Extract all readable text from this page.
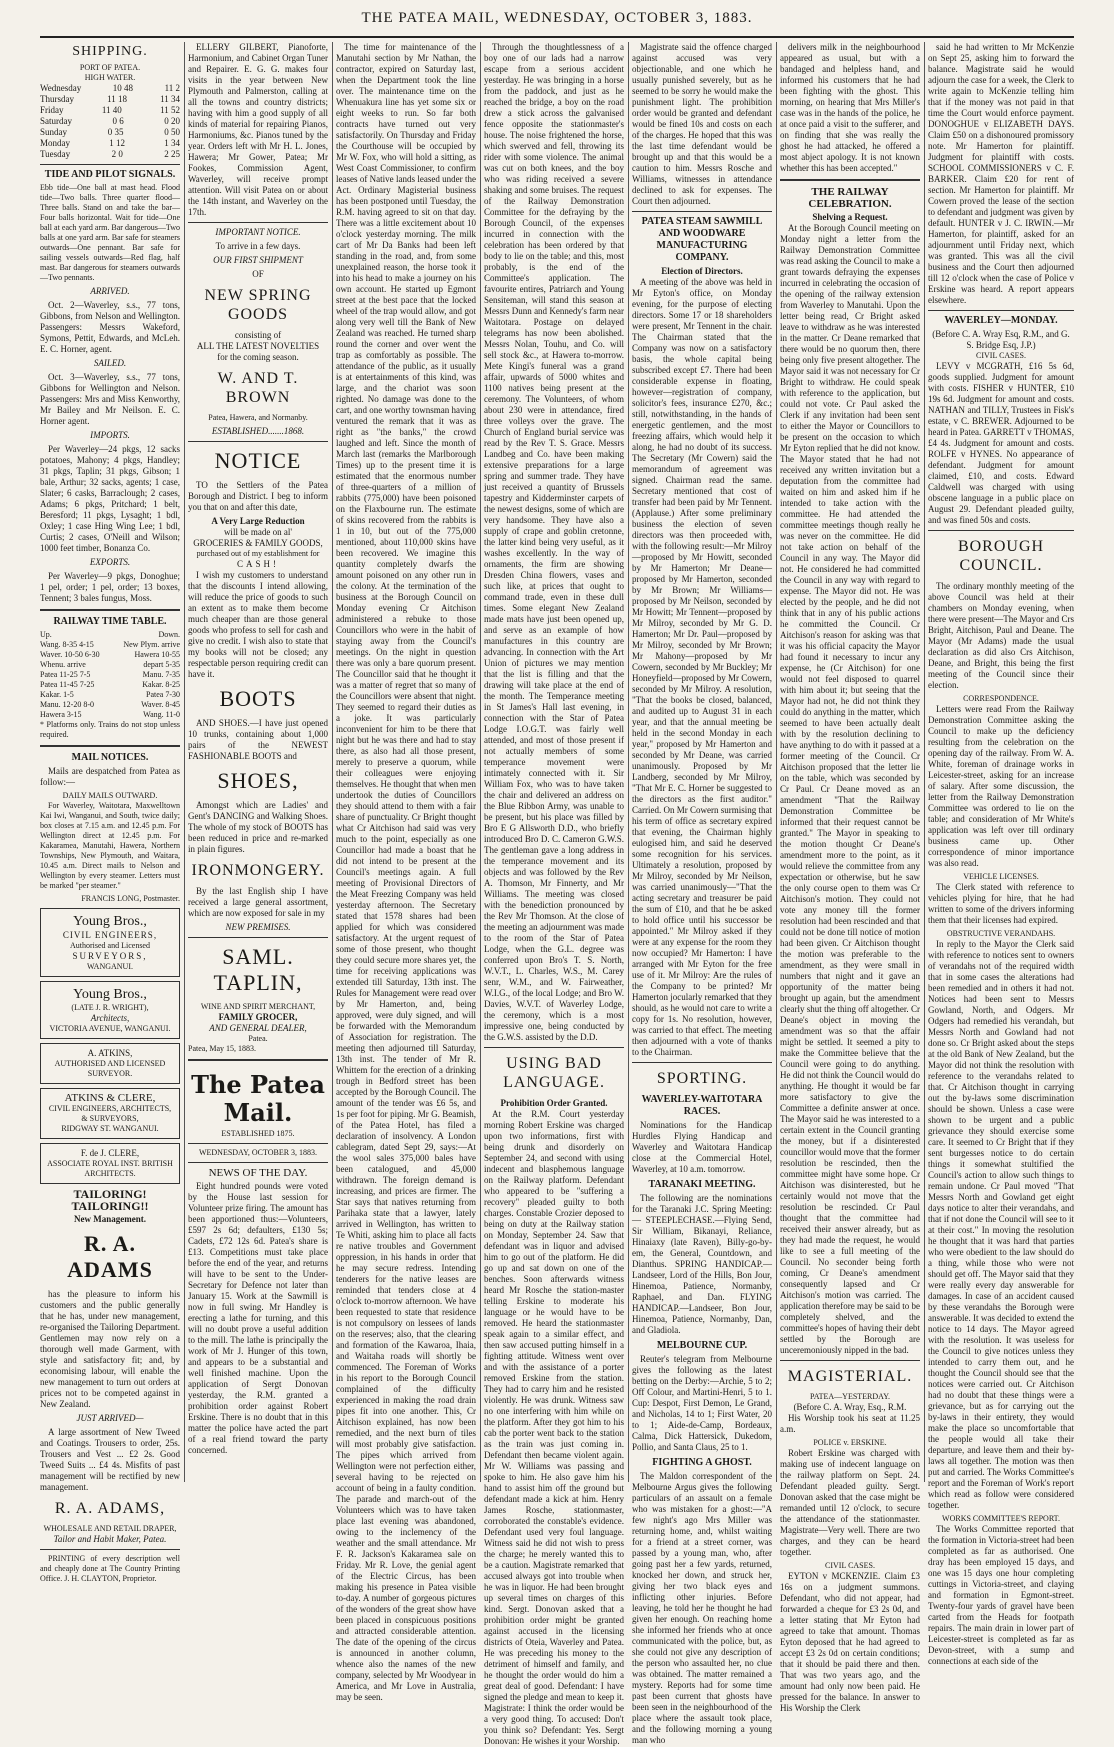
THE PATEA MAIL, WEDNESDAY, OCTOBER 3, 1883.
SHIPPING.
PORT OF PATEA.
HIGH WATER.
Wednesday	10 48	11 2
Thursday	11 18	11 34
Friday	11 40	11 52
Saturday	0 6	0 20
Sunday	0 35	0 50
Monday	1 12	1 34
Tuesday	2 0	2 25
TIDE AND PILOT SIGNALS.
Ebb tide—One ball at mast head. Flood tide—Two balls. Three quarter flood—Three balls. Stand on and take the bar—Four balls horizontal. Wait for tide—One ball at each yard arm. Bar dangerous—Two balls at one yard arm. Bar safe for steamers outwards—One pennant. Bar safe for sailing vessels outwards—Red flag, half mast. Bar dangerous for steamers outwards—Two pennants.
ARRIVED.

Oct. 2—Waverley, s.s., 77 tons, Gibbons, from Nelson and Wellington. Passengers: Messrs Wakeford, Symons, Pettit, Edwards, and McLeh. E. C. Horner, agent.

SAILED.

Oct. 3—Waverley, s.s., 77 tons, Gibbons for Wellington and Nelson. Passengers: Mrs and Miss Kenworthy, Mr Bailey and Mr Neilson. E. C. Horner agent.

IMPORTS.

Per Waverley—24 pkgs, 12 sacks potatoes, Mahony; 4 pkgs, Handley; 31 pkgs, Taplin; 31 pkgs, Gibson; 1 bale, Arthur; 32 sacks, agents; 1 case, Slater; 6 casks, Barraclough; 2 cases, Adams; 6 pkgs, Pritchard; 1 belt, Beresford; 11 pkgs, Lysaght; 1 bdl, Oxley; 1 case Hing Wing Lee; 1 bdl, Curtis; 2 cases, O'Neill and Wilson; 1000 feet timber, Bonanza Co.

EXPORTS.

Per Waverley—9 pkgs, Donoghue; 1 pel, order; 1 pel, order; 13 boxes, Tennent; 3 bales fungus, Moss.

RAILWAY TIME TABLE.
Up.	Down.
Wang. 8-35 4-15	New Plym. arrive
Waver. 10-50 6-30	Hawera 10-55
Whenu. arrive	depart 5-35
Patea 11-25 7-5	Manu. 7-35
Patea 11-45 7-25	Kakar. 8-25
Kakar. 1-5	Patea 7-30
Manu. 12-20 8-0	Waver. 8-45
Hawera 3-15	Wang. 11-0
* Platforms only. Trains do not stop unless required.
MAIL NOTICES.

Mails are despatched from Patea as follow:—

DAILY MAILS OUTWARD.

For Waverley, Waitotara, Maxwelltown Kai Iwi, Wanganui, and South, twice daily; box closes at 7.15 a.m. and 12.45 p.m. For Wellington direct at 12.45 p.m. For Kakaramea, Manutahi, Hawera, Northern Townships, New Plymouth, and Waitara, 10.45 a.m. Direct mails to Nelson and Wellington by every steamer. Letters must be marked "per steamer."

FRANCIS LONG, Postmaster.
Young Bros.,
CIVIL ENGINEERS,
Authorised and Licensed
SURVEYORS,
WANGANUI.
Young Bros.,
(LATE J. R. WRIGHT),
Architects,
VICTORIA AVENUE, WANGANUI.
A. ATKINS,
AUTHORISED AND LICENSED SURVEYOR.
ATKINS & CLERE,
CIVIL ENGINEERS, ARCHITECTS, & SURVEYORS,
RIDGWAY ST. WANGANUI.
F. de J. CLERE,
ASSOCIATE ROYAL INST. BRITISH ARCHITECTS.
TAILORING! TAILORING!!
New Management.
R. A. ADAMS

has the pleasure to inform his customers and the public generally that he has, under new management, re-organised the Tailoring Department. Gentlemen may now rely on a thorough well made Garment, with style and satisfactory fit; and, by economising labour, will enable the new management to turn out orders at prices not to be competed against in New Zealand.

JUST ARRIVED—

A large assortment of New Tweed and Coatings. Trousers to order, 25s. Trousers and Vest ... £2 2s. Good Tweed Suits ... £4 4s. Misfits of past management will be rectified by new management.

R. A. ADAMS,
WHOLESALE AND RETAIL DRAPER,
Tailor and Habit Maker, Patea.

PRINTING of every description well and cheaply done at The Country Printing Office. J. H. CLAYTON, Proprietor.

ELLERY GILBERT, Pianoforte, Harmonium, and Cabinet Organ Tuner and Repairer. E. G. G. makes four visits in the year between New Plymouth and Palmerston, calling at all the towns and country districts; having with him a good supply of all kinds of material for repairing Pianos, Harmoniums, &c. Pianos tuned by the year. Orders left with Mr H. L. Jones, Hawera; Mr Gower, Patea; Mr Fookes, Commission Agent, Waverley, will receive prompt attention. Will visit Patea on or about the 14th instant, and Waverley on the 17th.

IMPORTANT NOTICE.
To arrive in a few days.
OUR FIRST SHIPMENT
OF
NEW SPRING GOODS
consisting of
ALL THE LATEST NOVELTIES
for the coming season.
W. AND T. BROWN
Patea, Hawera, and Normanby.
ESTABLISHED.......1868.
NOTICE

TO the Settlers of the Patea Borough and District. I beg to inform you that on and after this date,

A Very Large Reduction
will be made on al'
GROCERIES & FAMILY GOODS,
purchased out of my establishment for
CASH!

I wish my customers to understand that the discounts I intend allowing, will reduce the price of goods to such an extent as to make them become much cheaper than are those general goods who profess to sell for cash and give no credit. I wish also to state that my books will not be closed; any respectable person requiring credit can have it.

BOOTS

AND SHOES.—I have just opened 10 trunks, containing about 1,000 pairs of the NEWEST FASHIONABLE BOOTS and

SHOES,

Amongst which are Ladies' and Gent's DANCING and Walking Shoes. The whole of my stock of BOOTS has been reduced in price and re-marked in plain figures.

IRONMONGERY.

By the last English ship I have received a large general assortment, which are now exposed for sale in my

NEW PREMISES.
SAML. TAPLIN,
WINE AND SPIRIT MERCHANT,
FAMILY GROCER,
AND GENERAL DEALER,
Patea.
Patea, May 15, 1883.
The Patea Mail.
ESTABLISHED 1875.
WEDNESDAY, OCTOBER 3, 1883.
NEWS OF THE DAY.

Eight hundred pounds were voted by the House last session for Volunteer prize firing. The amount has been apportioned thus:—Volunteers, £597 2s 6d; defaulters, £130 5s; Cadets, £72 12s 6d. Patea's share is £13. Competitions must take place before the end of the year, and returns will have to be sent to the Under-Secretary for Defence not later than January 15. Work at the Sawmill is now in full swing. Mr Handley is erecting a lathe for turning, and this will no doubt prove a useful addition to the mill. The lathe is principally the work of Mr J. Hunger of this town, and appears to be a substantial and well finished machine. Upon the application of Sergt Donovan yesterday, the R.M. granted a prohibition order against Robert Erskine. There is no doubt that in this matter the police have acted the part of a real friend toward the party concerned.

The time for maintenance of the Manutahi section by Mr Nathan, the contractor, expired on Saturday last, when the Department took the line over. The maintenance time on the Whenuakura line has yet some six or eight weeks to run. So far both contracts have turned out very satisfactorily. On Thursday and Friday the Courthouse will be occupied by Mr W. Fox, who will hold a sitting, as West Coast Commissioner, to confirm leases of Native lands leased under the Act. Ordinary Magisterial business has been postponed until Tuesday, the R.M. having agreed to sit on that day. There was a little excitement about 10 o'clock yesterday morning. The milk cart of Mr Da Banks had been left standing in the road, and, from some unexplained reason, the horse took it into his head to make a journey on his own account. He started up Egmont street at the best pace that the locked wheel of the trap would allow, and got along very well till the Bank of New Zealand was reached. He turned sharp round the corner and over went the trap as comfortably as possible. The attendance of the public, as it usually is at entertainments of this kind, was large, and the chariot was soon righted. No damage was done to the cart, and one worthy townsman having ventured the remark that it was as right as "the banks," the crowd laughed and left. Since the month of March last (remarks the Marlborough Times) up to the present time it is estimated that the enormous number of three-quarters of a million of rabbits (775,000) have been poisoned on the Flaxbourne run. The estimate of skins recovered from the rabbits is 1 in 10, but out of the 775,000 mentioned, about 110,000 skins have been recovered. We imagine this quantity completely dwarfs the amount poisoned on any other run in the colony. At the termination of the business at the Borough Council on Monday evening Cr Aitchison administered a rebuke to those Councillors who were in the habit of staying away from the Council's meetings. On the night in question there was only a bare quorum present. The Councillor said that he thought it was a matter of regret that so many of the Councillors were absent that night. They seemed to regard their duties as a joke. It was particularly inconvenient for him to be there that night but he was there and had to stay there, as also had all those present, merely to preserve a quorum, while their colleagues were enjoying themselves. He thought that when men undertook the duties of Councillors they should attend to them with a fair share of punctuality. Cr Bright thought what Cr Aitchison had said was very much to the point, especially as one Councillor had made a boast that he did not intend to be present at the Council's meetings again. A full meeting of Provisional Directors of the Meat Freezing Company was held yesterday afternoon. The Secretary stated that 1578 shares had been applied for which was considered satisfactory. At the urgent request of some of those present, who thought they could secure more shares yet, the time for receiving applications was extended till Saturday, 13th inst. The Rules for Management were read over by Mr Hamerton, and, being approved, were duly signed, and will be forwarded with the Memorandum of Association for registration. The meeting then adjourned till Saturday, 13th inst. The tender of Mr R. Whittem for the erection of a drinking trough in Bedford street has been accepted by the Borough Council. The amount of the tender was £6 5s, and 1s per foot for piping. Mr G. Beamish, of the Patea Hotel, has filed a declaration of insolvency. A London cablegram, dated Sept 29, says:—At the wool sales 375,000 bales have been catalogued, and 45,000 withdrawn. The foreign demand is increasing, and prices are firmer. The Star says that natives returning from Parihaka state that a lawyer, lately arrived in Wellington, has written to Te Whiti, asking him to place all facts re native troubles and Government oppression, in his hands in order that he may secure redress. Intending tenderers for the native leases are reminded that tenders close at 4 o'clock to-morrow afternoon. We have been requested to state that residence is not compulsory on lessees of lands on the reserves; also, that the clearing and formation of the Kawaroa, Ihaia, and Waitaha roads will shortly be commenced. The Foreman of Works in his report to the Borough Council complained of the difficulty experienced in making the road drain pipes fit into one another. This, Cr Aitchison explained, has now been remedied, and the next burn of tiles will most probably give satisfaction. The pipes which arrived from Wellington were not perfection either, several having to be rejected on account of being in a faulty condition. The parade and march-out of the Volunteers which was to have taken place last evening was abandoned, owing to the inclemency of the weather and the small attendance. Mr F. R. Jackson's Kakaramea sale on Friday. Mr R. Love, the genial agent of the Electric Circus, has been making his presence in Patea visible to-day. A number of gorgeous pictures of the wonders of the great show have been placed in conspicuous positions and attracted considerable attention. The date of the opening of the circus is announced in another column, whence also the names of the new company, selected by Mr Woodyear in America, and Mr Love in Australia, may be seen.

Through the thoughtlessness of a boy one of our lads had a narrow escape from a serious accident yesterday. He was bringing in a horse from the paddock, and just as he reached the bridge, a boy on the road drew a stick across the galvanised fence opposite the stationmaster's house. The noise frightened the horse, which swerved and fell, throwing its rider with some violence. The animal was cut on both knees, and the boy who was riding received a severe shaking and some bruises. The request of the Railway Demonstration Committee for the defraying by the Borough Council, of the expenses incurred in connection with the celebration has been ordered by that body to lie on the table; and this, most probably, is the end of the Committee's application. The favourite entires, Patriarch and Young Sensiteman, will stand this season at Messrs Dunn and Kennedy's farm near Waitotara. Postage on delayed telegrams has now been abolished. Messrs Nolan, Touhu, and Co. will sell stock &c., at Hawera to-morrow. Mete Kingi's funeral was a grand affair, upwards of 5000 whites and 1100 natives being present at the ceremony. The Volunteers, of whom about 230 were in attendance, fired three volleys over the grave. The Church of England burial service was read by the Rev T. S. Grace. Messrs Landbeg and Co. have been making extensive preparations for a large spring and summer trade. They have just received a quantity of Brussels tapestry and Kidderminster carpets of the newest designs, some of which are very handsome. They have also a supply of crape and goblin cretonne, the latter kind being very useful, as it washes excellently. In the way of ornaments, the firm are showing Dresden China flowers, vases and such like, at prices that ought to command trade, even in these dull times. Some elegant New Zealand made mats have just been opened up, and serve as an example of how manufactures in this country are advancing. In connection with the Art Union of pictures we may mention that the list is filling and that the drawing will take place at the end of the month. The Temperance meeting in St James's Hall last evening, in connection with the Star of Patea Lodge I.O.G.T. was fairly well attended, and most of those present if not actually members of some temperance movement were intimately connected with it. Sir William Fox, who was to have taken the chair and delivered an address on the Blue Ribbon Army, was unable to be present, but his place was filled by Bro E G Allsworth D.D., who briefly introduced Bro D. C. Cameron G.W.S. The gentleman gave a long address in the temperance movement and its objects and was followed by the Rev A. Thomson, Mr Finnerty, and Mr Williams. The meeting was closed with the benediction pronounced by the Rev Mr Thomson. At the close of the meeting an adjournment was made to the room of the Star of Patea Lodge, when the G.L. degree was conferred upon Bro's T. S. North, W.V.T., L. Charles, W.S., M. Carey senr, W.M., and W. Fairweather, W.I.G., of the local Lodge; and Bro W. Davies, W.V.T. of Waverley Lodge, the ceremony, which is a most impressive one, being conducted by the G.W.S. assisted by the D.D.

USING BAD LANGUAGE.
Prohibition Order Granted.

At the R.M. Court yesterday morning Robert Erskine was charged upon two informations, first with being drunk and disorderly on September 24, and second with using indecent and blasphemous language on the Railway platform. Defendant who appeared to be "suffering a recovery" pleaded guilty to both charges. Constable Crozier deposed to being on duty at the Railway station on Monday, September 24. Saw that defendant was in liquor and advised him to go out of the platform. He did go up and sat down on one of the benches. Soon afterwards witness heard Mr Rosche the station-master telling Erskine to moderate his language or he would have to be removed. He heard the stationmaster speak again to a similar effect, and then saw accused putting himself in a fighting attitude. Witness went over and with the assistance of a porter removed Erskine from the station. They had to carry him and he resisted violently. He was drunk. Witness saw no one interfering with him while on the platform. After they got him to his cab the porter went back to the station as the train was just coming in. Defendant then became violent again. Mr W. Williams was passing and spoke to him. He also gave him his hand to assist him off the ground but defendant made a kick at him. Henry James Rosche, stationmaster, corroborated the constable's evidence. Defendant used very foul language. Witness said he did not wish to press the charge; he merely wanted this to be a caution. Magistrate remarked that accused always got into trouble when he was in liquor. He had been brought up several times on charges of this kind. Sergt. Donovan asked that a prohibition order might be granted against accused in the licensing districts of Oteia, Waverley and Patea. He was preceding his money to the detriment of himself and family, and he thought the order would do him a great deal of good. Defendant: I have signed the pledge and mean to keep it. Magistrate: I think the order would be a very good thing. To accused: Don't you think so? Defendant: Yes. Sergt Donovan: He wishes it your Worship.

Magistrate said the offence charged against accused was very objectionable, and one which he usually punished severely, but as he seemed to be sorry he would make the punishment light. The prohibition order would be granted and defendant would be fined 10s and costs on each of the charges. He hoped that this was the last time defendant would be brought up and that this would be a caution to him. Messrs Rosche and Williams, witnesses in attendance declined to ask for expenses. The Court then adjourned.

PATEA STEAM SAWMILL AND WOODWARE MANUFACTURING COMPANY.
Election of Directors.

A meeting of the above was held in Mr Eyton's office, on Monday evening, for the purpose of electing directors. Some 17 or 18 shareholders were present, Mr Tennent in the chair. The Chairman stated that the Company was now on a satisfactory basis, the whole capital being subscribed except £7. There had been considerable expense in floating, however—registration of company, solicitor's fees, insurance £270, &c.; still, notwithstanding, in the hands of energetic gentlemen, and the most freezing affairs, which would help it along, he had no doubt of its success. The Secretary (Mr Cowern) said the memorandum of agreement was signed. Chairman read the same. Secretary mentioned that cost of transfer had been paid by Mr Tennent. (Applause.) After some preliminary business the election of seven directors was then proceeded with, with the following result:—Mr Milroy—proposed by Mr Howitt, seconded by Mr Hamerton; Mr Deane—proposed by Mr Hamerton, seconded by Mr Brown; Mr Williams—proposed by Mr Neilson, seconded by Mr Howitt; Mr Tennent—proposed by Mr Milroy, seconded by Mr G. D. Hamerton; Mr Dr. Paul—proposed by Mr Milroy, seconded by Mr Brown; Mr Mahony—proposed by Mr Cowern, seconded by Mr Buckley; Mr Honeyfield—proposed by Mr Cowern, seconded by Mr Milroy. A resolution, "That the books be closed, balanced, and audited up to August 31 in each year, and that the annual meeting be held in the second Monday in each year," proposed by Mr Hamerton and seconded by Mr Deane, was carried unanimously. Proposed by Mr Landberg, seconded by Mr Milroy, "That Mr E. C. Horner be suggested to the directors as the first auditor." Carried. On Mr Cowern surmising that his term of office as secretary expired that evening, the Chairman highly eulogised him, and said he deserved some recognition for his services. Ultimately a resolution, proposed by Mr Milroy, seconded by Mr Neilson, was carried unanimously—"That the acting secretary and treasurer be paid the sum of £10, and that he be asked to hold office until his successor be appointed." Mr Milroy asked if they were at any expense for the room they now occupied? Mr Hamerton: I have arranged with Mr Eyton for the free use of it. Mr Milroy: Are the rules of the Company to be printed? Mr Hamerton jocularly remarked that they should, as he would not care to write a copy for 1s. No resolution, however, was carried to that effect. The meeting then adjourned with a vote of thanks to the Chairman.

SPORTING.
WAVERLEY-WAITOTARA RACES.

Nominations for the Handicap Hurdles Flying Handicap and Waverley and Waitotara Handicap close at the Commercial Hotel, Waverley, at 10 a.m. tomorrow.

TARANAKI MEETING.

The following are the nominations for the Taranaki J.C. Spring Meeting:— STEEPLECHASE.—Flying Send, Sir William, Bikanayi, Reliance, Hinaiaxy (late Raven), Billy-go-by-em, the General, Countdown, and Dianthus. SPRING HANDICAP.—Landseer, Lord of the Hills, Bon Jour, Hinemoa, Patience, Normanby, Raphael, and Dan. FLYING HANDICAP.—Landseer, Bon Jour, Hinemoa, Patience, Normanby, Dan, and Gladiola.

MELBOURNE CUP.

Reuter's telegram from Melbourne gives the following as the latest betting on the Derby:—Archie, 5 to 2; Off Colour, and Martini-Henri, 5 to 1. Cup: Despot, First Demon, Le Grand, and Nicholas, 14 to 1; First Water, 20 to 1; Aide-de-Camp, Bordeaux, Calma, Dick Hattersick, Dukedom, Pollio, and Santa Claus, 25 to 1.

FIGHTING A GHOST.

The Maldon correspondent of the Melbourne Argus gives the following particulars of an assault on a female who was mistaken for a ghost:—"A few night's ago Mrs Miller was returning home, and, whilst waiting for a friend at a street corner, was passed by a young man, who, after going past her a few yards, returned, knocked her down, and struck her, giving her two black eyes and inflicting other injuries. Before leaving, he told her he thought he had given her enough. On reaching home she informed her friends who at once communicated with the police, but, as she could not give any description of the person who assaulted her, no clue was obtained. The matter remained a mystery. Reports had for some time past been current that ghosts have been seen in the neighbourhood of the place where the assault took place, and the following morning a young man who

delivers milk in the neighbourhood appeared as usual, but with a bandaged and helpless hand, and informed his customers that he had been fighting with the ghost. This morning, on hearing that Mrs Miller's case was in the hands of the police, he at once paid a visit to the sufferer, and on finding that she was really the ghost he had attacked, he offered a most abject apology. It is not known whether this has been accepted."

THE RAILWAY CELEBRATION.
Shelving a Request.

At the Borough Council meeting on Monday night a letter from the Railway Demonstration Committee was read asking the Council to make a grant towards defraying the expenses incurred in celebrating the occasion of the opening of the railway extension from Waverley to Manutahi. Upon the letter being read, Cr Bright asked leave to withdraw as he was interested in the matter. Cr Deane remarked that there would be no quorum then, there being only five present altogether. The Mayor said it was not necessary for Cr Bright to withdraw. He could speak with reference to the application, but could not vote. Cr Paul asked the Clerk if any invitation had been sent to either the Mayor or Councillors to be present on the occasion to which Mr Eyton replied that he did not know. The Mayor stated that he had not received any written invitation but a deputation from the committee had waited on him and asked him if he intended to take action with the committee. He had attended the committee meetings though really he was never on the committee. He did not take action on behalf of the Council in any way. The Mayor did not. He considered he had committed the Council in any way with regard to expense. The Mayor did not. He was elected by the people, and he did not think that in any of his public actions he committed the Council. Cr Aitchison's reason for asking was that it was his official capacity the Mayor had found it necessary to incur any expense, he (Cr Aitchison) for one would not feel disposed to quarrel with him about it; but seeing that the Mayor had not, he did not think they could do anything in the matter, which seemed to have been actually dealt with by the resolution declining to have anything to do with it passed at a former meeting of the Council. Cr Aitchison proposed that the letter lie on the table, which was seconded by Cr Paul. Cr Deane moved as an amendment "That the Railway Demonstration Committee be informed that their request cannot be granted." The Mayor in speaking to the motion thought Cr Deane's amendment more to the point, as it would relieve the committee from any expectation or otherwise, but he saw the only course open to them was Cr Aitchison's motion. They could not vote any money till the former resolution had been rescinded and that could not be done till notice of motion had been given. Cr Aitchison thought the motion was preferable to the amendment, as they were small in numbers that night and it gave an opportunity of the matter being brought up again, but the amendment clearly shut the thing off altogether. Cr Deane's object in moving the amendment was so that the affair might be settled. It seemed a pity to make the Committee believe that the Council were going to do anything. He did not think the Council would do anything. He thought it would be far more satisfactory to give the Committee a definite answer at once. The Mayor said he was interested to a certain extent in the Council granting the money, but if a disinterested councillor would move that the former resolution be rescinded, then the committee might have some hope. Cr Aitchison was disinterested, but he certainly would not move that the resolution be rescinded. Cr Paul thought that the committee had received their answer already, but as they had made the request, he would like to see a full meeting of the Council. No seconder being forth coming, Cr Deane's amendment consequently lapsed and Cr Aitchison's motion was carried. The application therefore may be said to be completely shelved, and the committee's hopes of having their debt settled by the Borough are unceremoniously nipped in the bad.

MAGISTERIAL.
PATEA—YESTERDAY.
(Before C. A. Wray, Esq., R.M.

His Worship took his seat at 11.25 a.m.

POLICE v. ERSKINE.

Robert Erskine was charged with making use of indecent language on the railway platform on Sept. 24. Defendant pleaded guilty. Sergt. Donovan asked that the case might be remanded until 12 o'clock, to secure the attendance of the stationmaster. Magistrate—Very well. There are two charges, and they can be heard together.

CIVIL CASES.

EYTON v MCKENZIE. Claim £3 16s on a judgment summons. Defendant, who did not appear, had forwarded a cheque for £3 2s 0d, and a letter stating that Mr Eyton had agreed to take that amount. Thomas Eyton deposed that he had agreed to accept £3 2s 0d on certain conditions; that it should be paid there and then. That was two years ago, and the amount had only now been paid. He pressed for the balance. In answer to His Worship the Clerk

said he had written to Mr McKenzie on Sept 25, asking him to forward the balance. Magistrate said he would adjourn the case for a week, the Clerk to write again to McKenzie telling him that if the money was not paid in that time the Court would enforce payment. DONOGHUE v ELIZABETH DAYS. Claim £50 on a dishonoured promissory note. Mr Hamerton for plaintiff. Judgment for plaintiff with costs. SCHOOL COMMISSIONERS v C. F. BARKER. Claim £20 for rent of section. Mr Hamerton for plaintiff. Mr Cowern proved the lease of the section to defendant and judgment was given by default. HUNTER v J. C. IRWIN.—Mr Hamerton, for plaintiff, asked for an adjournment until Friday next, which was granted. This was all the civil business and the Court then adjourned till 12 o'clock when the case of Police v Erskine was heard. A report appears elsewhere.

WAVERLEY—MONDAY.
(Before C. A. Wray Esq, R.M., and G. S. Bridge Esq, J.P.)
CIVIL CASES.

LEVY v MCGRATH, £16 5s 6d, goods supplied. Judgment for amount with costs. FISHER v HUNTER, £10 19s 6d. Judgment for amount and costs. NATHAN and TILLY, Trustees in Fisk's estate, v C. BREWER. Adjourned to be heard in Patea. GARRETT v THOMAS, £4 4s. Judgment for amount and costs. ROLFE v HYNES. No appearance of defendant. Judgment for amount claimed, £10, and costs. Edward Caldwell was charged with using obscene language in a public place on August 29. Defendant pleaded guilty, and was fined 50s and costs.

BOROUGH COUNCIL.

The ordinary monthly meeting of the above Council was held at their chambers on Monday evening, when there were present—The Mayor and Crs Bright, Aitchison, Paul and Deane. The Mayor (Mr Adams) made the usual declaration as did also Crs Aitchison, Deane, and Bright, this being the first meeting of the Council since their election.

CORRESPONDENCE.

Letters were read From the Railway Demonstration Committee asking the Council to make up the deficiency resulting from the celebration on the opening day of the railway. From W. A. White, foreman of drainage works in Leicester-street, asking for an increase of salary. After some discussion, the letter from the Railway Demonstration Committee was ordered to lie on the table; and consideration of Mr White's application was left over till ordinary business came up. Other correspondence of minor importance was also read.

VEHICLE LICENSES.

The Clerk stated with reference to vehicles plying for hire, that he had written to some of the drivers informing them that their licenses had expired.

OBSTRUCTIVE VERANDAHS.

In reply to the Mayor the Clerk said with reference to notices sent to owners of verandahs not of the required width that in some cases the alterations had been remedied and in others it had not. Notices had been sent to Messrs Gowland, North, and Odgers. Mr Odgers had remedied his verandah, but Messrs North and Gowland had not done so. Cr Bright asked about the steps at the old Bank of New Zealand, but the Mayor did not think the resolution with reference to the verandahs related to that. Cr Aitchison thought in carrying out the by-laws some discrimination should be shown. Unless a case were shown to be urgent and a public grievance they should exercise some care. It seemed to Cr Bright that if they sent burgesses notice to do certain things it somewhat stultified the Council's action to allow such things to remain undone. Cr Paul moved "That Messrs North and Gowland get eight days notice to alter their verandahs, and that if not done the Council will see to it at their cost." In moving the resolution he thought that it was hard that parties who were obedient to the law should do a thing, while those who were not should get off. The Mayor said that they were really every day answerable for damages. In case of an accident caused by these verandahs the Borough were answerable. It was decided to extend the notice to 14 days. The Mayor agreed with the resolution. It was useless for the Council to give notices unless they intended to carry them out, and he thought the Council should see that the notices were carried out. Cr Aitchison had no doubt that these things were a grievance, but as for carrying out the by-laws in their entirety, they would make the place so uncomfortable that the people would all take their departure, and leave them and their by-laws all together. The motion was then put and carried. The Works Committee's report and the Foreman of Work's report which read as follow were considered together.

WORKS COMMITTEE'S REPORT.

The Works Committee reported that the formation in Victoria-street had been completed as far as authorised. One dray has been employed 15 days, and one was 15 days one hour completing cuttings in Victoria-street, and claying and formation in Egmont-street. Twenty-four yards of gravel have been carted from the Heads for footpath repairs. The main drain in lower part of Leicester-street is completed as far as Devon-street, with a sump and connections at each side of the
